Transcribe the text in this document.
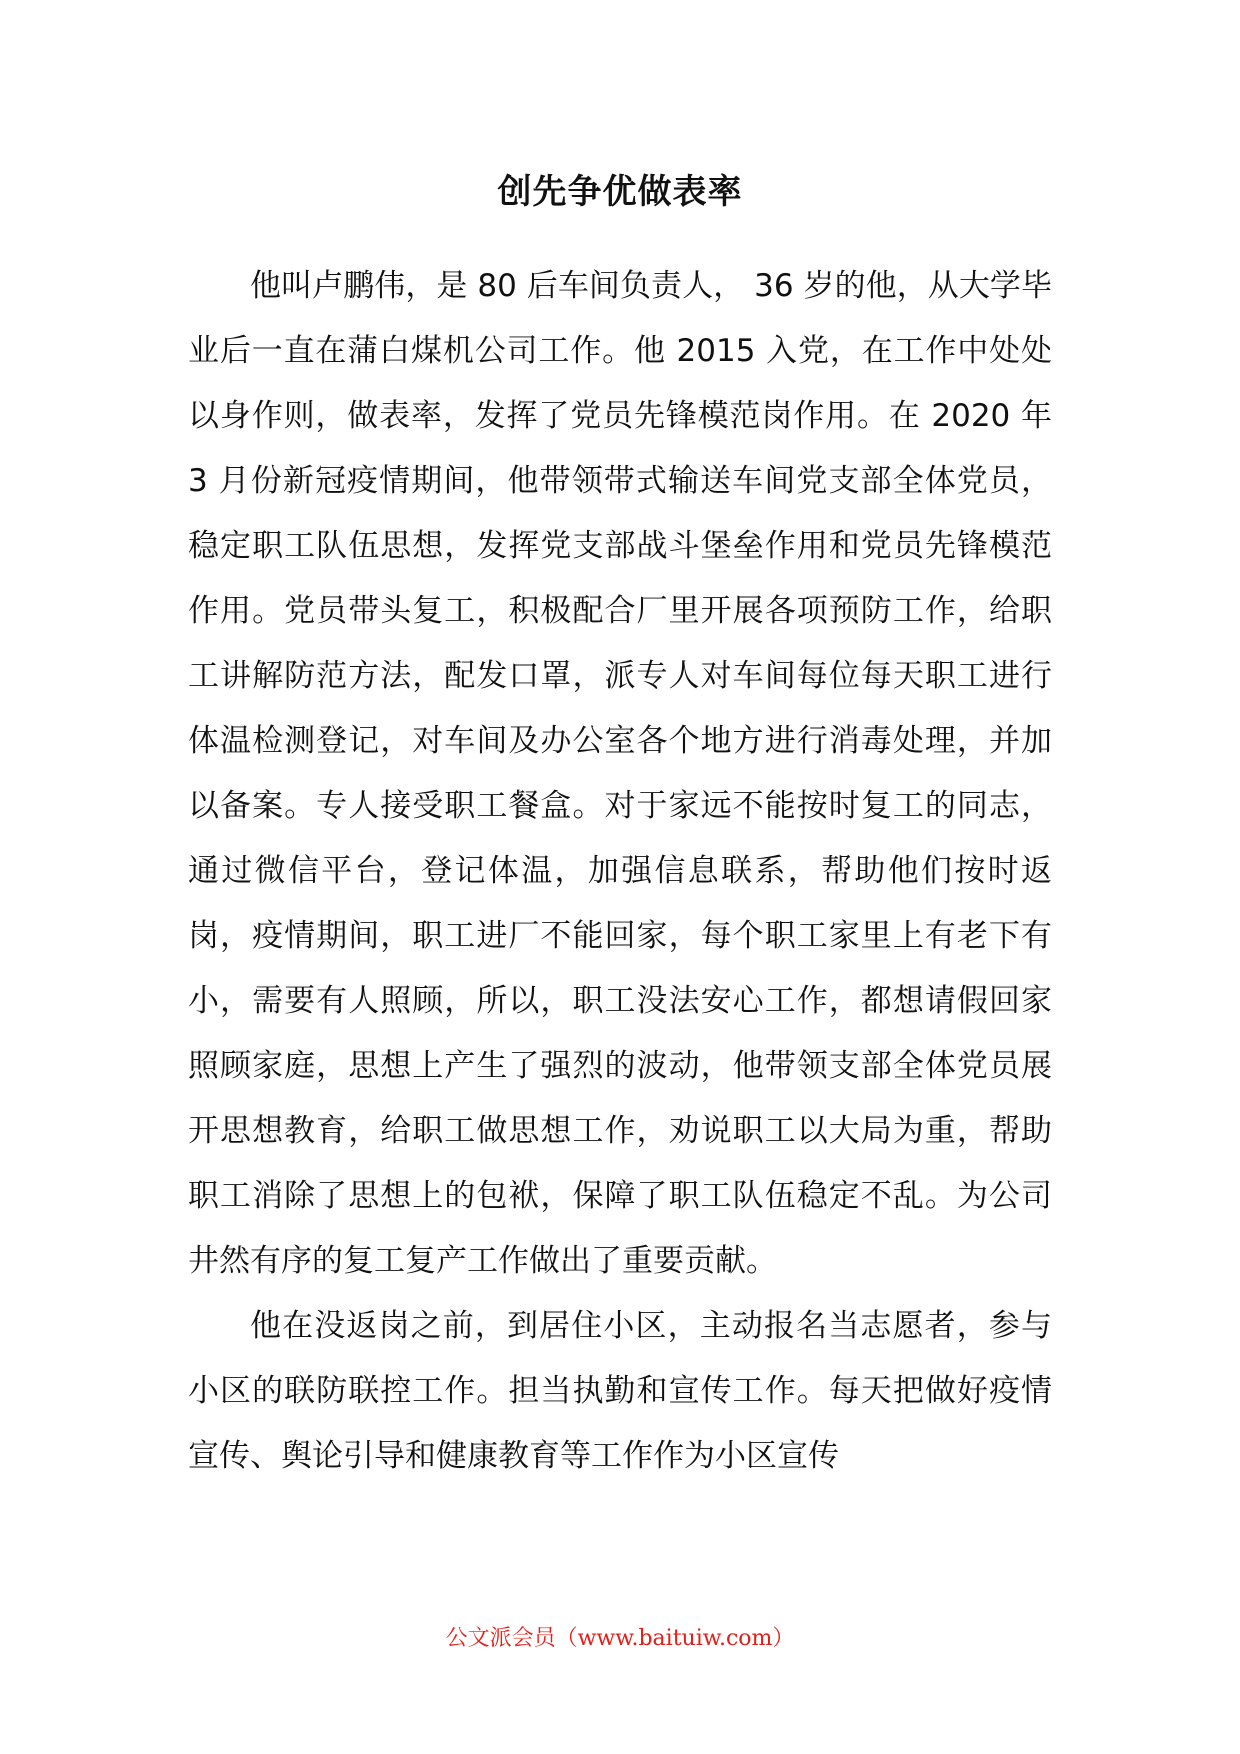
创先争优做表率

他叫卢鹏伟，是 80 后车间负责人， 36 岁的他，从大学毕业后一直在蒲白煤机公司工作。他 2015 入党，在工作中处处以身作则，做表率，发挥了党员先锋模范岗作用。在 2020 年 3 月份新冠疫情期间，他带领带式输送车间党支部全体党员，稳定职工队伍思想，发挥党支部战斗堡垒作用和党员先锋模范作用。党员带头复工，积极配合厂里开展各项预防工作，给职工讲解防范方法，配发口罩，派专人对车间每位每天职工进行体温检测登记，对车间及办公室各个地方进行消毒处理，并加以备案。专人接受职工餐盒。对于家远不能按时复工的同志，通过微信平台，登记体温，加强信息联系，帮助他们按时返岗，疫情期间，职工进厂不能回家，每个职工家里上有老下有小，需要有人照顾，所以，职工没法安心工作，都想请假回家照顾家庭，思想上产生了强烈的波动，他带领支部全体党员展开思想教育，给职工做思想工作，劝说职工以大局为重，帮助职工消除了思想上的包袱，保障了职工队伍稳定不乱。为公司井然有序的复工复产工作做出了重要贡献。

他在没返岗之前，到居住小区，主动报名当志愿者，参与小区的联防联控工作。担当执勤和宣传工作。每天把做好疫情宣传、舆论引导和健康教育等工作作为小区宣传

公文派会员（www.baituiw.com）
